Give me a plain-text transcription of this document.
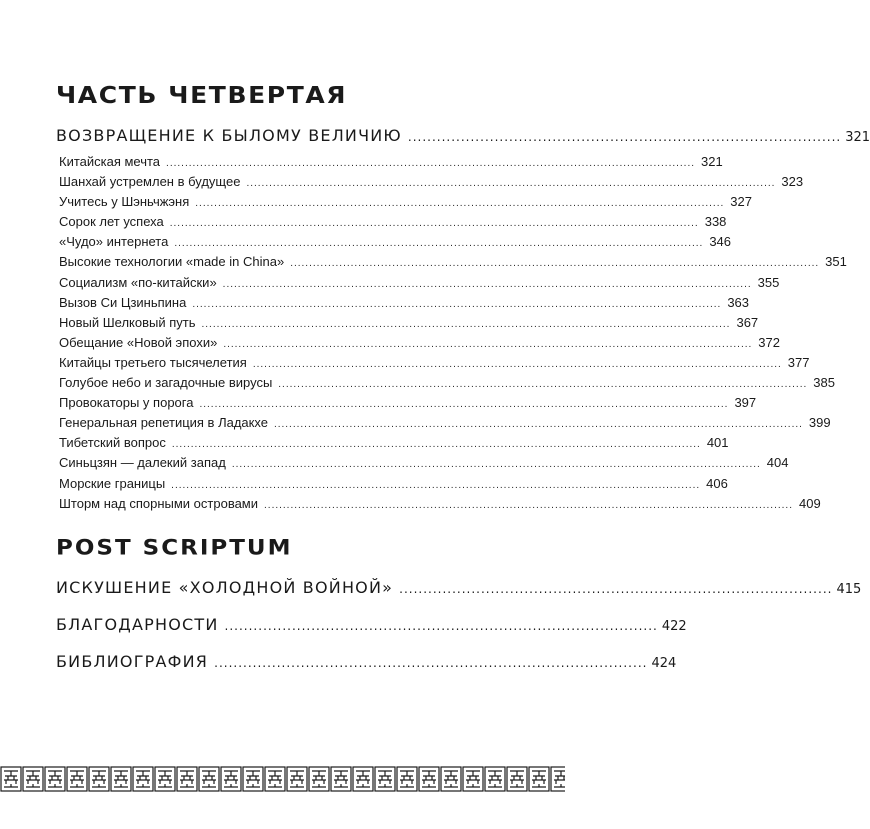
ЧАСТЬ ЧЕТВЕРТАЯ
ВОЗВРАЩЕНИЕ К БЫЛОМУ ВЕЛИЧИЮ .......................................................................................... 321
Китайская мечта ............................................................................................................................................ 321
Шанхай устремлен в будущее ............................................................................................................................................ 323
Учитесь у Шэньчжэня ............................................................................................................................................ 327
Сорок лет успеха ............................................................................................................................................ 338
«Чудо» интернета ............................................................................................................................................ 346
Высокие технологии «made in China» ............................................................................................................................................ 351
Социализм «по-китайски» ............................................................................................................................................ 355
Вызов Си Цзиньпина ............................................................................................................................................ 363
Новый Шелковый путь ............................................................................................................................................ 367
Обещание «Новой эпохи» ............................................................................................................................................ 372
Китайцы третьего тысячелетия ............................................................................................................................................ 377
Голубое небо и загадочные вирусы ............................................................................................................................................ 385
Провокаторы у порога ............................................................................................................................................ 397
Генеральная репетиция в Ладакхе ............................................................................................................................................ 399
Тибетский вопрос ............................................................................................................................................ 401
Синьцзян — далекий запад ............................................................................................................................................ 404
Морские границы ............................................................................................................................................ 406
Шторм над спорными островами ............................................................................................................................................ 409
POST SCRIPTUM
ИСКУШЕНИЕ «ХОЛОДНОЙ ВОЙНОЙ» .......................................................................................... 415
БЛАГОДАРНОСТИ .......................................................................................... 422
БИБЛИОГРАФИЯ .......................................................................................... 424
